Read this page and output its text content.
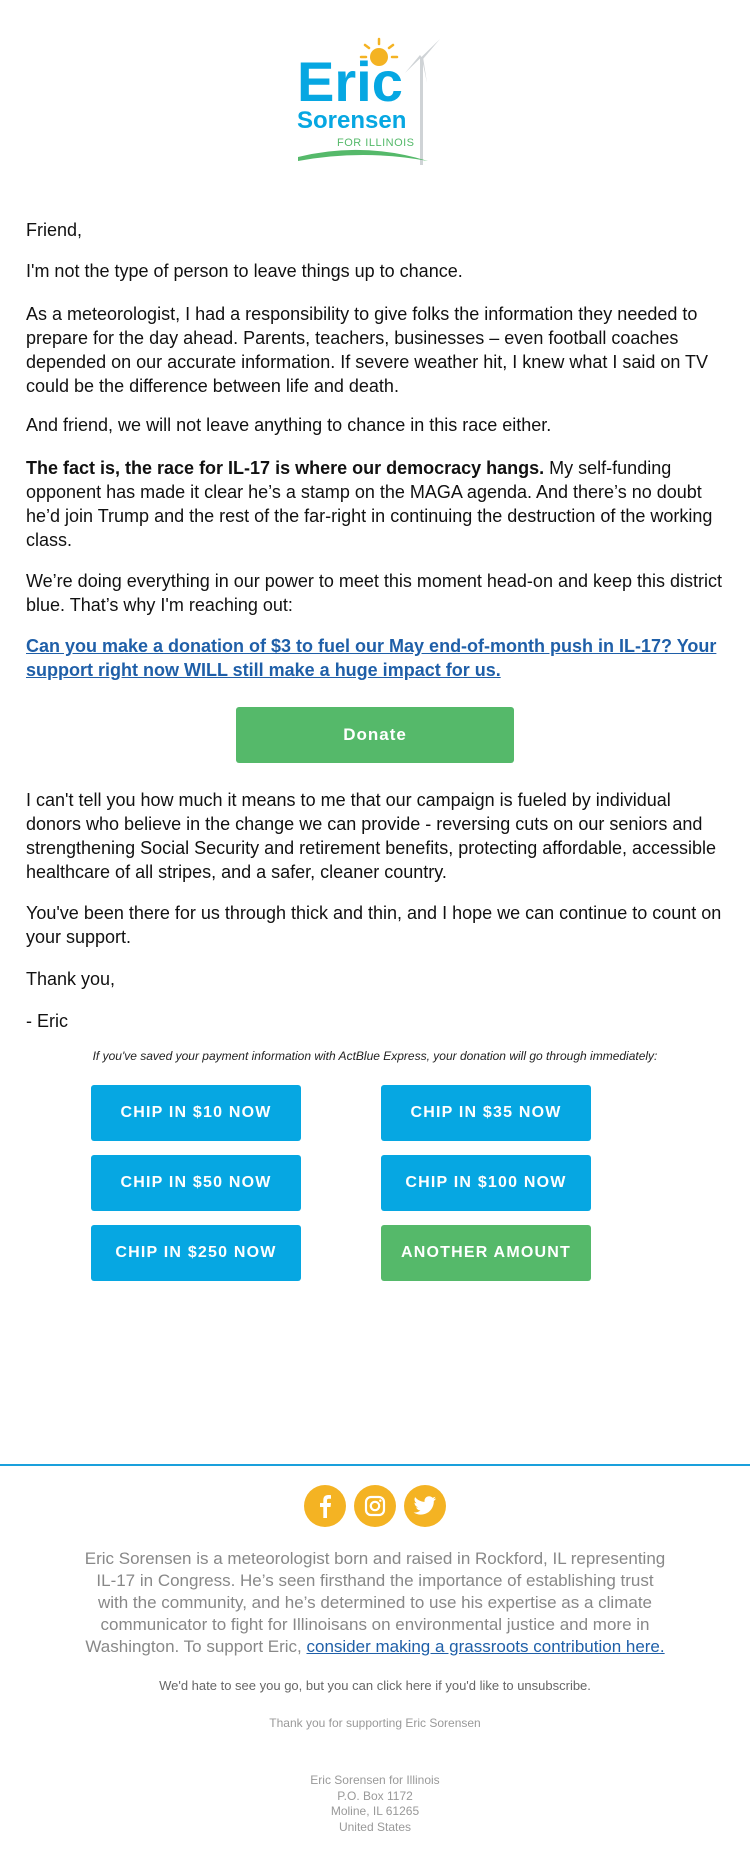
Eric
Sorensen
FOR ILLINOIS

Friend,

I'm not the type of person to leave things up to chance.

As a meteorologist, I had a responsibility to give folks the information they needed to prepare for the day ahead. Parents, teachers, businesses – even football coaches depended on our accurate information. If severe weather hit, I knew what I said on TV could be the difference between life and death.

And friend, we will not leave anything to chance in this race either.

The fact is, the race for IL-17 is where our democracy hangs. My self-funding opponent has made it clear he’s a stamp on the MAGA agenda. And there’s no doubt he’d join Trump and the rest of the far-right in continuing the destruction of the working class.

We’re doing everything in our power to meet this moment head-on and keep this district blue. That’s why I'm reaching out:

Can you make a donation of $3 to fuel our May end-of-month push in IL-17? Your support right now WILL still make a huge impact for us.
Donate

I can't tell you how much it means to me that our campaign is fueled by individual donors who believe in the change we can provide - reversing cuts on our seniors and strengthening Social Security and retirement benefits, protecting affordable, accessible healthcare of all stripes, and a safer, cleaner country.

You've been there for us through thick and thin, and I hope we can continue to count on your support.

Thank you,

- Eric

If you've saved your payment information with ActBlue Express, your donation will go through immediately:
CHIP IN $10 NOW	CHIP IN $35 NOW
CHIP IN $50 NOW	CHIP IN $100 NOW
CHIP IN $250 NOW	ANOTHER AMOUNT
Eric Sorensen is a meteorologist born and raised in Rockford, IL representing IL-17 in Congress. He’s seen firsthand the importance of establishing trust with the community, and he’s determined to use his expertise as a climate communicator to fight for Illinoisans on environmental justice and more in Washington. To support Eric, consider making a grassroots contribution here.
We'd hate to see you go, but you can click here if you'd like to unsubscribe.
Thank you for supporting Eric Sorensen
Eric Sorensen for Illinois
P.O. Box 1172
Moline, IL 61265
United States
